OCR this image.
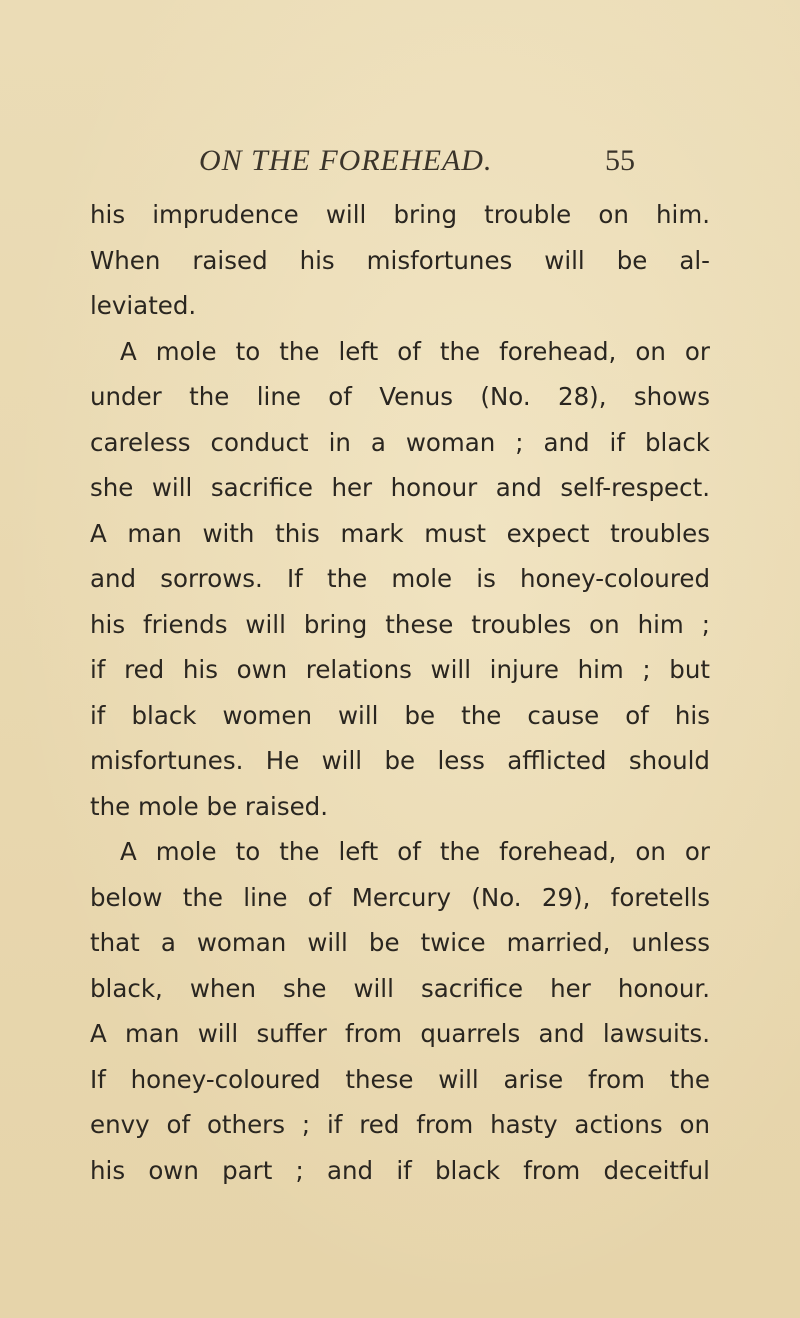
ON THE FOREHEAD.	55
his imprudence will bring trouble on him.
When raised his misfortunes will be al-
leviated.
A mole to the left of the forehead, on or
under the line of Venus (No. 28), shows
careless conduct in a woman ; and if black
she will sacrifice her honour and self-respect.
A man with this mark must expect troubles
and sorrows. If the mole is honey-coloured
his friends will bring these troubles on him ;
if red his own relations will injure him ; but
if black women will be the cause of his
misfortunes. He will be less afflicted should
the mole be raised.
A mole to the left of the forehead, on or
below the line of Mercury (No. 29), foretells
that a woman will be twice married, unless
black, when she will sacrifice her honour.
A man will suffer from quarrels and lawsuits.
If honey-coloured these will arise from the
envy of others ; if red from hasty actions on
his own part ; and if black from deceitful
